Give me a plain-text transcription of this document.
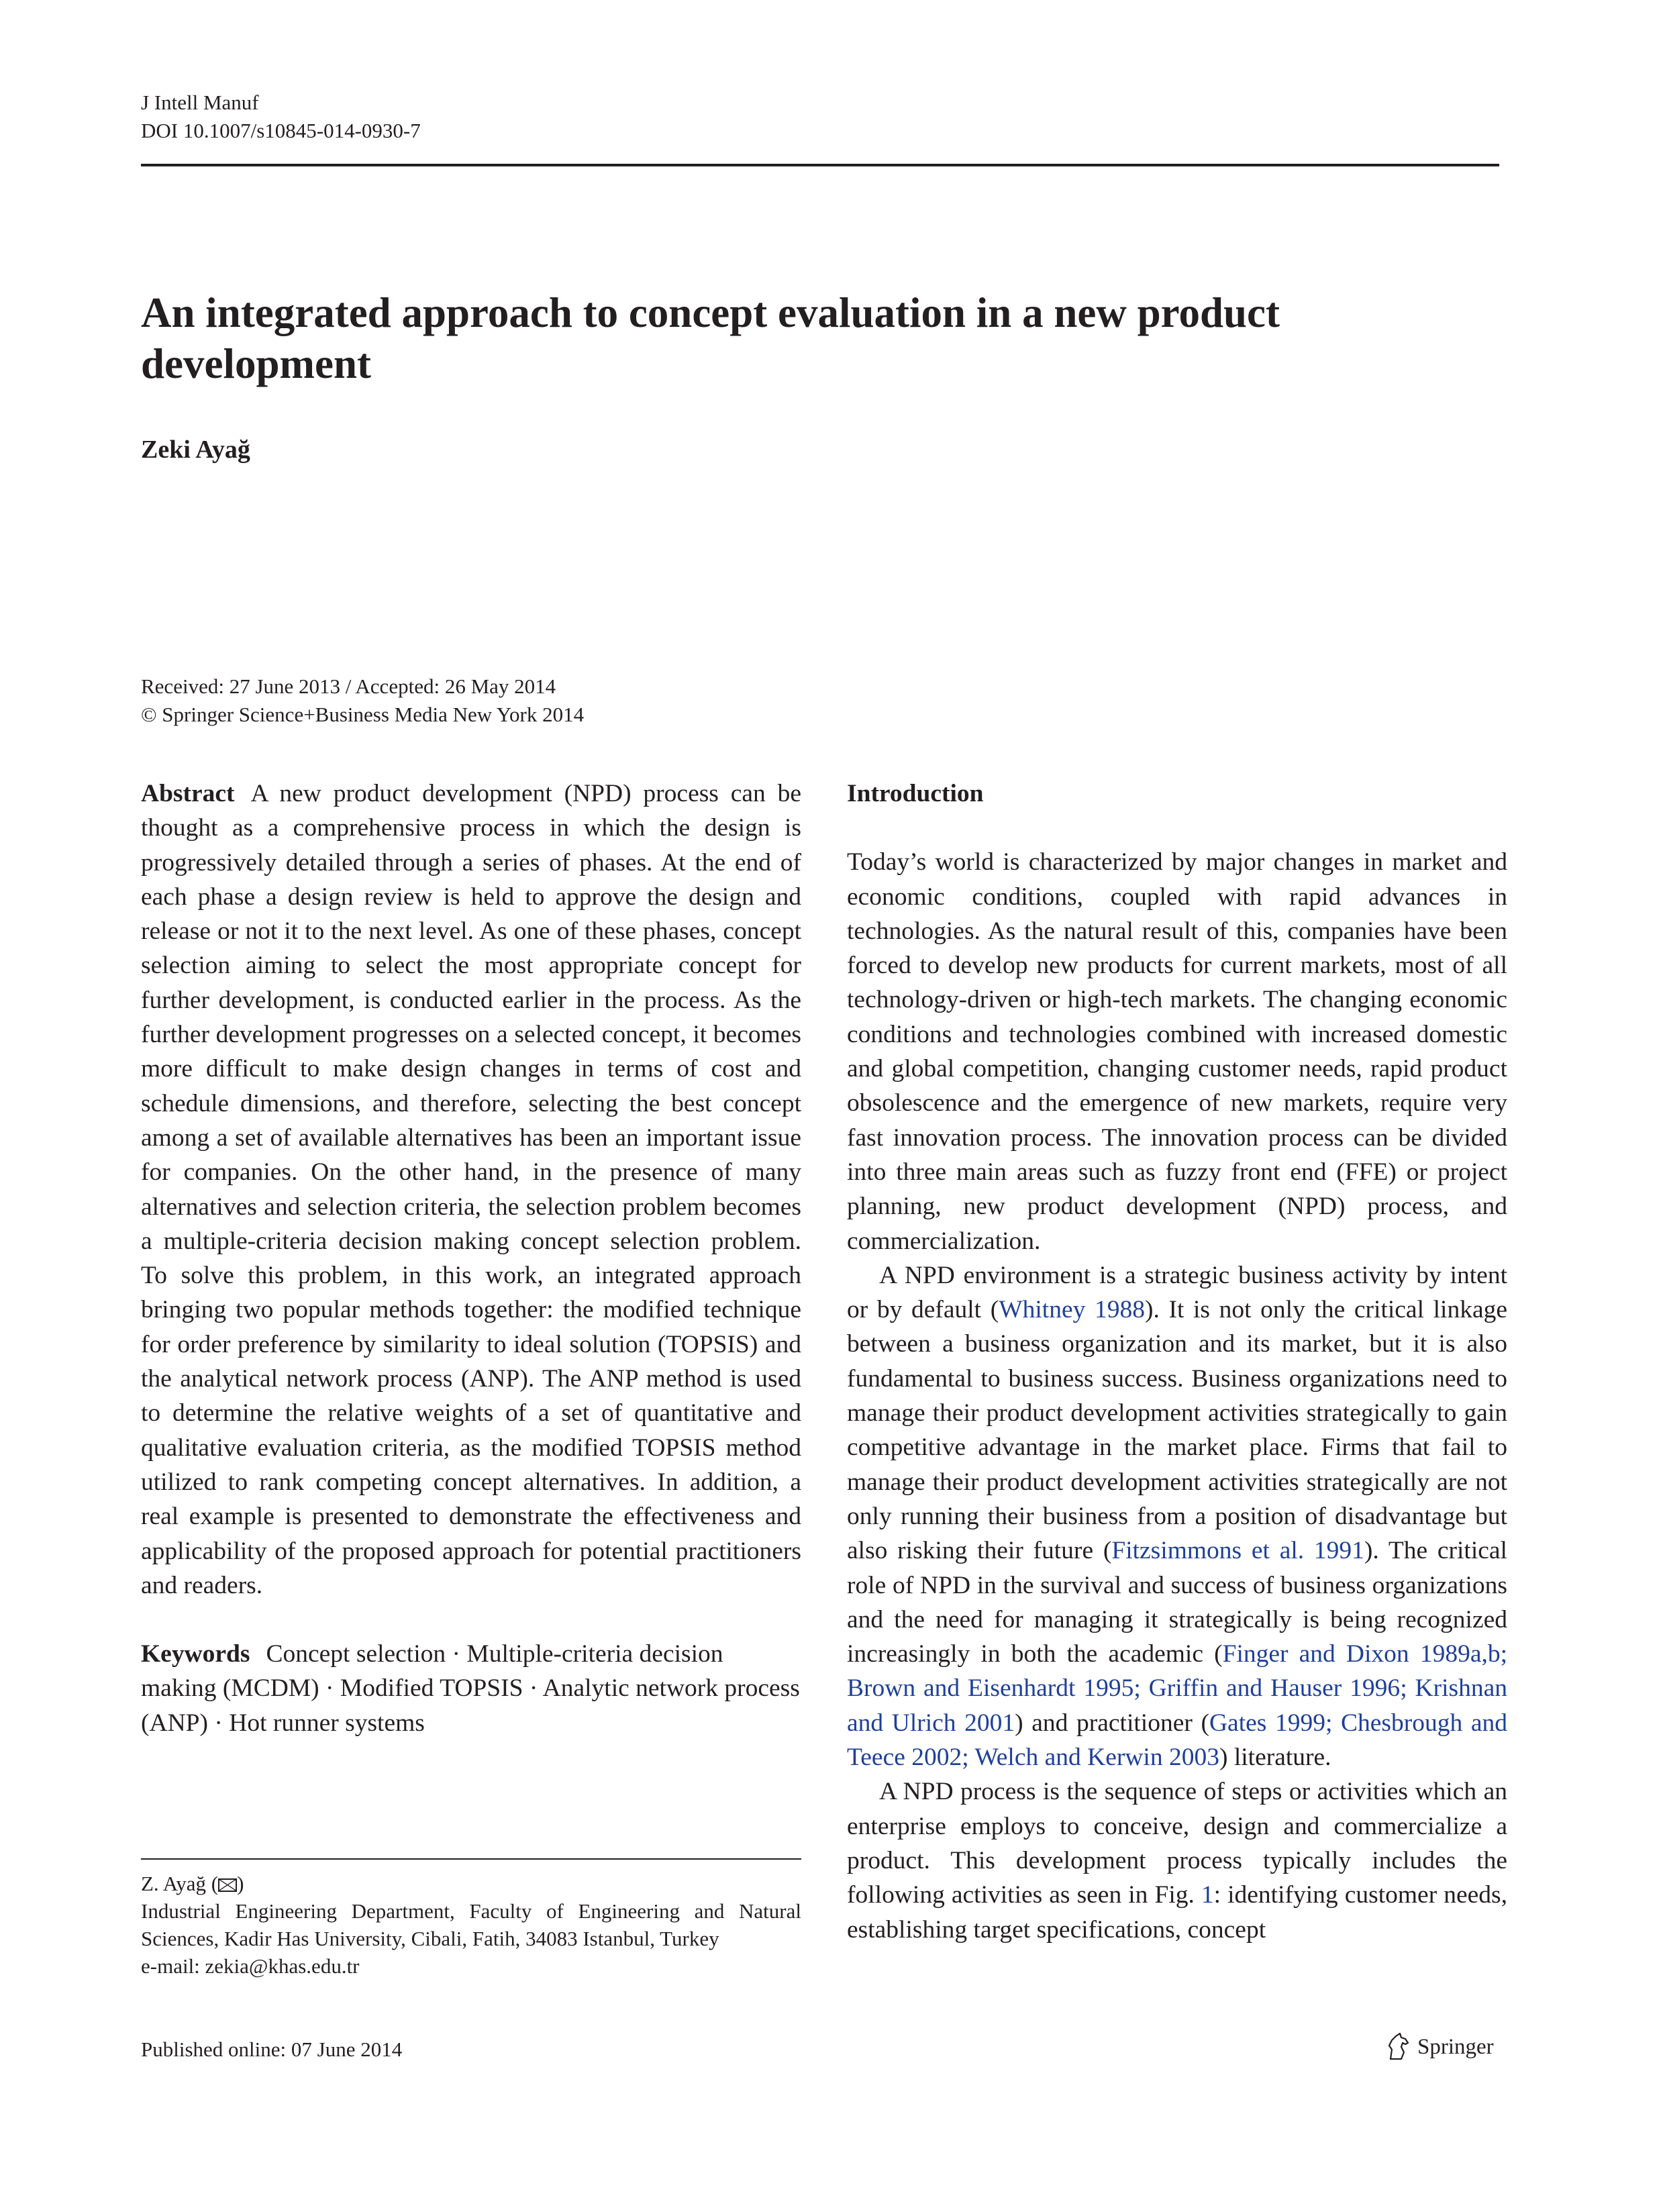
J Intell Manuf
DOI 10.1007/s10845-014-0930-7
An integrated approach to concept evaluation in a new product development
Zeki Ayağ
Received: 27 June 2013 / Accepted: 26 May 2014
© Springer Science+Business Media New York 2014

Abstract A new product development (NPD) process can be thought as a comprehensive process in which the design is progressively detailed through a series of phases. At the end of each phase a design review is held to approve the design and release or not it to the next level. As one of these phases, concept selection aiming to select the most appropriate concept for further development, is conducted earlier in the process. As the further development progresses on a selected concept, it becomes more difficult to make design changes in terms of cost and schedule dimensions, and therefore, selecting the best concept among a set of available alternatives has been an important issue for companies. On the other hand, in the presence of many alternatives and selection criteria, the selection problem becomes a multiple-criteria decision making concept selection problem. To solve this problem, in this work, an integrated approach bringing two popular methods together: the modified technique for order preference by similarity to ideal solution (TOPSIS) and the analytical network process (ANP). The ANP method is used to determine the relative weights of a set of quantitative and qualitative evaluation criteria, as the modified TOPSIS method utilized to rank competing concept alternatives. In addition, a real example is presented to demonstrate the effectiveness and applicability of the proposed approach for potential practitioners and readers.

Keywords Concept selection · Multiple-criteria decision making (MCDM) · Modified TOPSIS · Analytic network process (ANP) · Hot runner systems

Z. Ayağ ( )

Industrial Engineering Department, Faculty of Engineering and Natural Sciences, Kadir Has University, Cibali, Fatih, 34083 Istanbul, Turkey

e-mail: zekia@khas.edu.tr

Introduction

Today’s world is characterized by major changes in market and economic conditions, coupled with rapid advances in technologies. As the natural result of this, companies have been forced to develop new products for current markets, most of all technology-driven or high-tech markets. The changing economic conditions and technologies combined with increased domestic and global competition, changing customer needs, rapid product obsolescence and the emergence of new markets, require very fast innovation process. The innovation process can be divided into three main areas such as fuzzy front end (FFE) or project planning, new product development (NPD) process, and commercialization.

A NPD environment is a strategic business activity by intent or by default (Whitney 1988). It is not only the critical linkage between a business organization and its market, but it is also fundamental to business success. Business organizations need to manage their product development activities strategically to gain competitive advantage in the market place. Firms that fail to manage their product development activities strategically are not only running their business from a position of disadvantage but also risking their future (Fitzsimmons et al. 1991). The critical role of NPD in the survival and success of business organizations and the need for managing it strategically is being recognized increasingly in both the academic (Finger and Dixon 1989a,b; Brown and Eisenhardt 1995; Griffin and Hauser 1996; Krishnan and Ulrich 2001) and practitioner (Gates 1999; Chesbrough and Teece 2002; Welch and Kerwin 2003) literature.

A NPD process is the sequence of steps or activities which an enterprise employs to conceive, design and commercialize a product. This development process typically includes the following activities as seen in Fig. 1: identifying customer needs, establishing target specifications, concept

Published online: 07 June 2014	Springer
